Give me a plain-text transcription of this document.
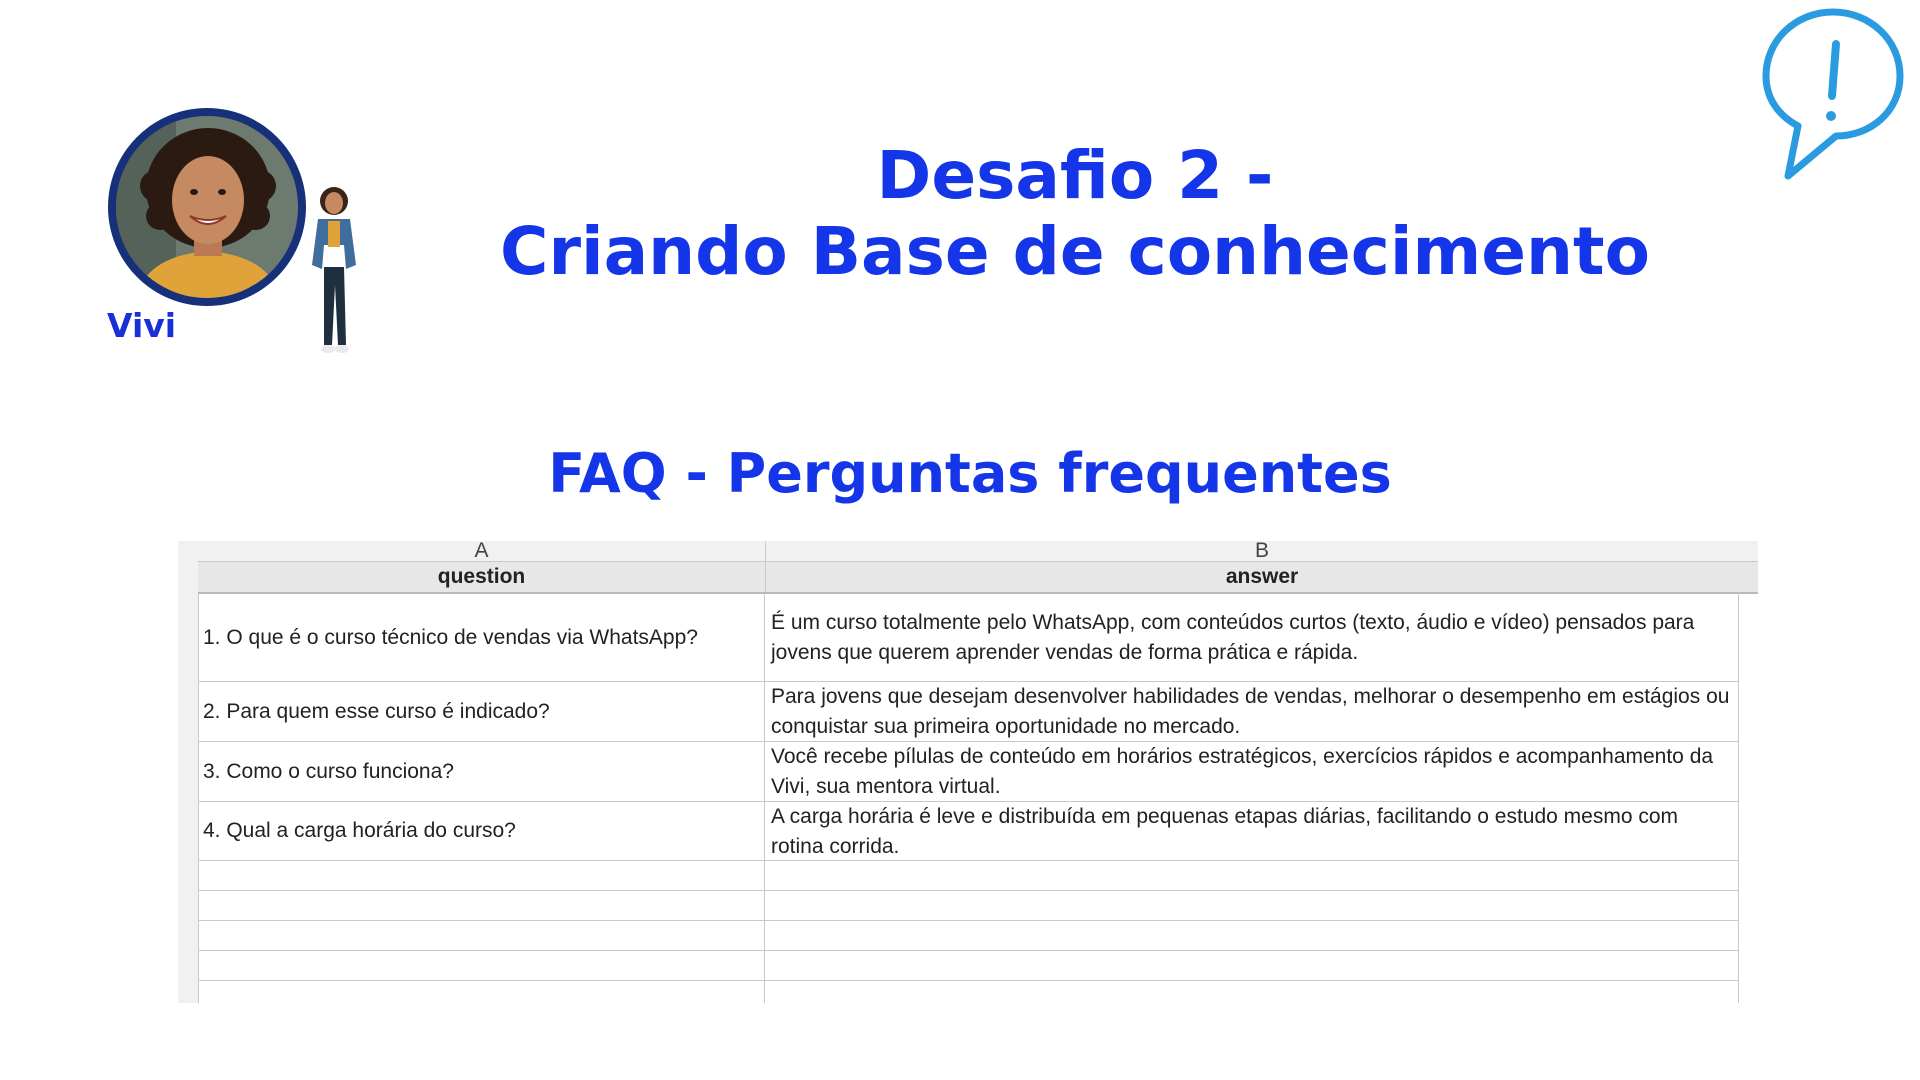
Vivi
Desafio 2 -
Criando Base de conhecimento
FAQ - Perguntas frequentes
A	B
question	answer
1. O que é o curso técnico de vendas via WhatsApp?
É um curso totalmente pelo WhatsApp, com conteúdos curtos (texto, áudio e vídeo) pensados para jovens que querem aprender vendas de forma prática e rápida.
2. Para quem esse curso é indicado?
Para jovens que desejam desenvolver habilidades de vendas, melhorar o desempenho em estágios ou conquistar sua primeira oportunidade no mercado.
3. Como o curso funciona?
Você recebe pílulas de conteúdo em horários estratégicos, exercícios rápidos e acompanhamento da Vivi, sua mentora virtual.
4. Qual a carga horária do curso?
A carga horária é leve e distribuída em pequenas etapas diárias, facilitando o estudo mesmo com rotina corrida.
